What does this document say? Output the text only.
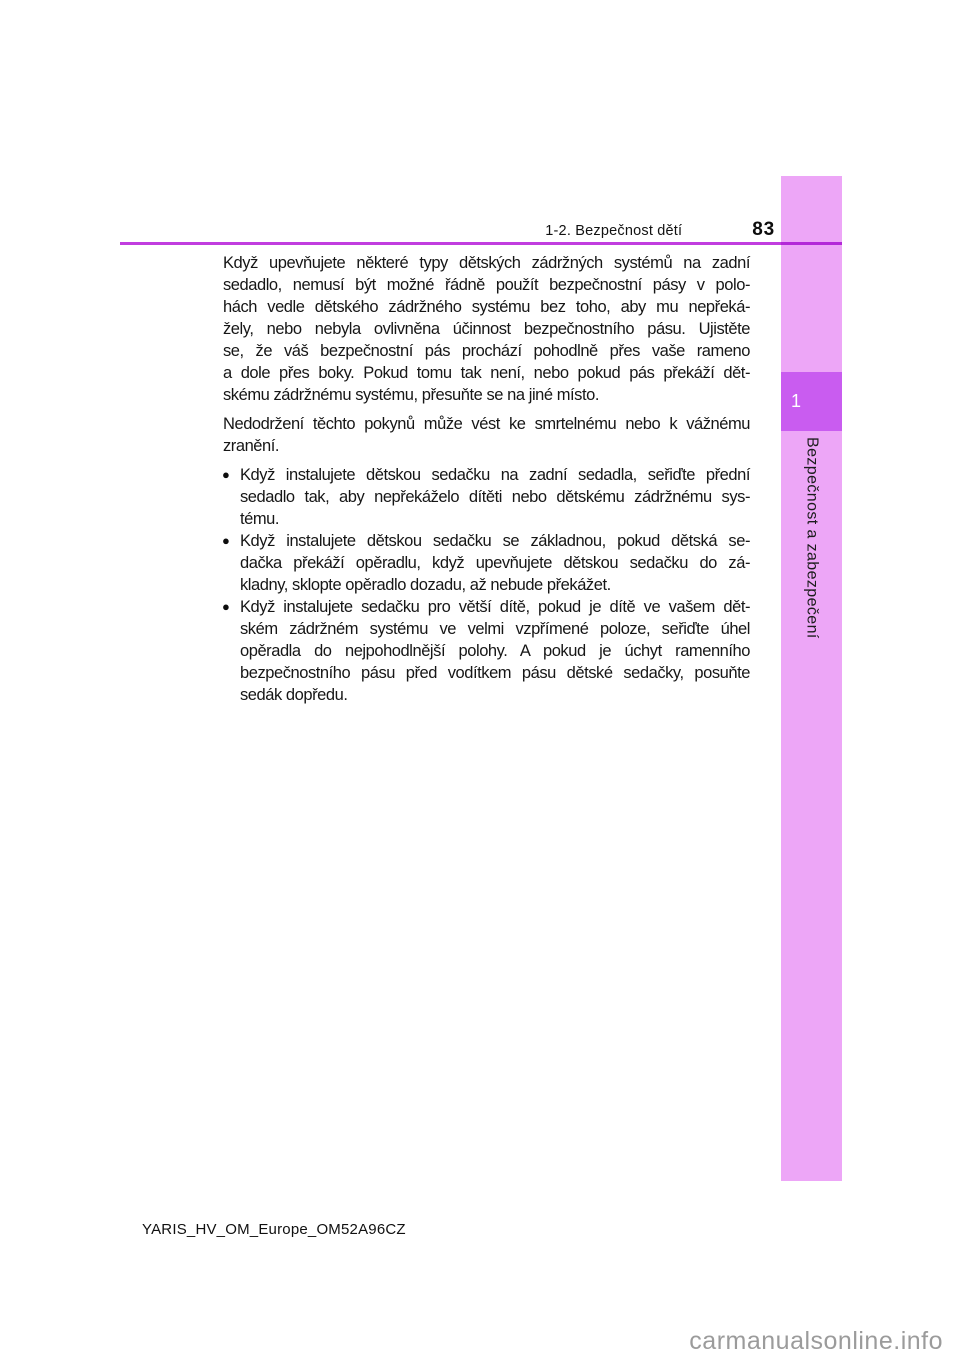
1-2. Bezpečnost dětí	83
1
Bezpečnost a zabezpečení
Když upevňujete některé typy dětských zádržných systémů na zadní
sedadlo, nemusí být možné řádně použít bezpečnostní pásy v polo-
hách vedle dětského zádržného systému bez toho, aby mu nepřeká-
žely, nebo nebyla ovlivněna účinnost bezpečnostního pásu. Ujistěte
se, že váš bezpečnostní pás prochází pohodlně přes vaše rameno
a dole přes boky. Pokud tomu tak není, nebo pokud pás překáží dět-
skému zádržnému systému, přesuňte se na jiné místo.
Nedodržení těchto pokynů může vést ke smrtelnému nebo k vážnému
zranění.
● Když instalujete dětskou sedačku na zadní sedadla, seřiďte přední
sedadlo tak, aby nepřekáželo dítěti nebo dětskému zádržnému sys-
tému.
● Když instalujete dětskou sedačku se základnou, pokud dětská se-
dačka překáží opěradlu, když upevňujete dětskou sedačku do zá-
kladny, sklopte opěradlo dozadu, až nebude překážet.
● Když instalujete sedačku pro větší dítě, pokud je dítě ve vašem dět-
ském zádržném systému ve velmi vzpřímené poloze, seřiďte úhel
opěradla do nejpohodlnější polohy. A pokud je úchyt ramenního
bezpečnostního pásu před vodítkem pásu dětské sedačky, posuňte
sedák dopředu.
YARIS_HV_OM_Europe_OM52A96CZ
carmanualsonline.info
